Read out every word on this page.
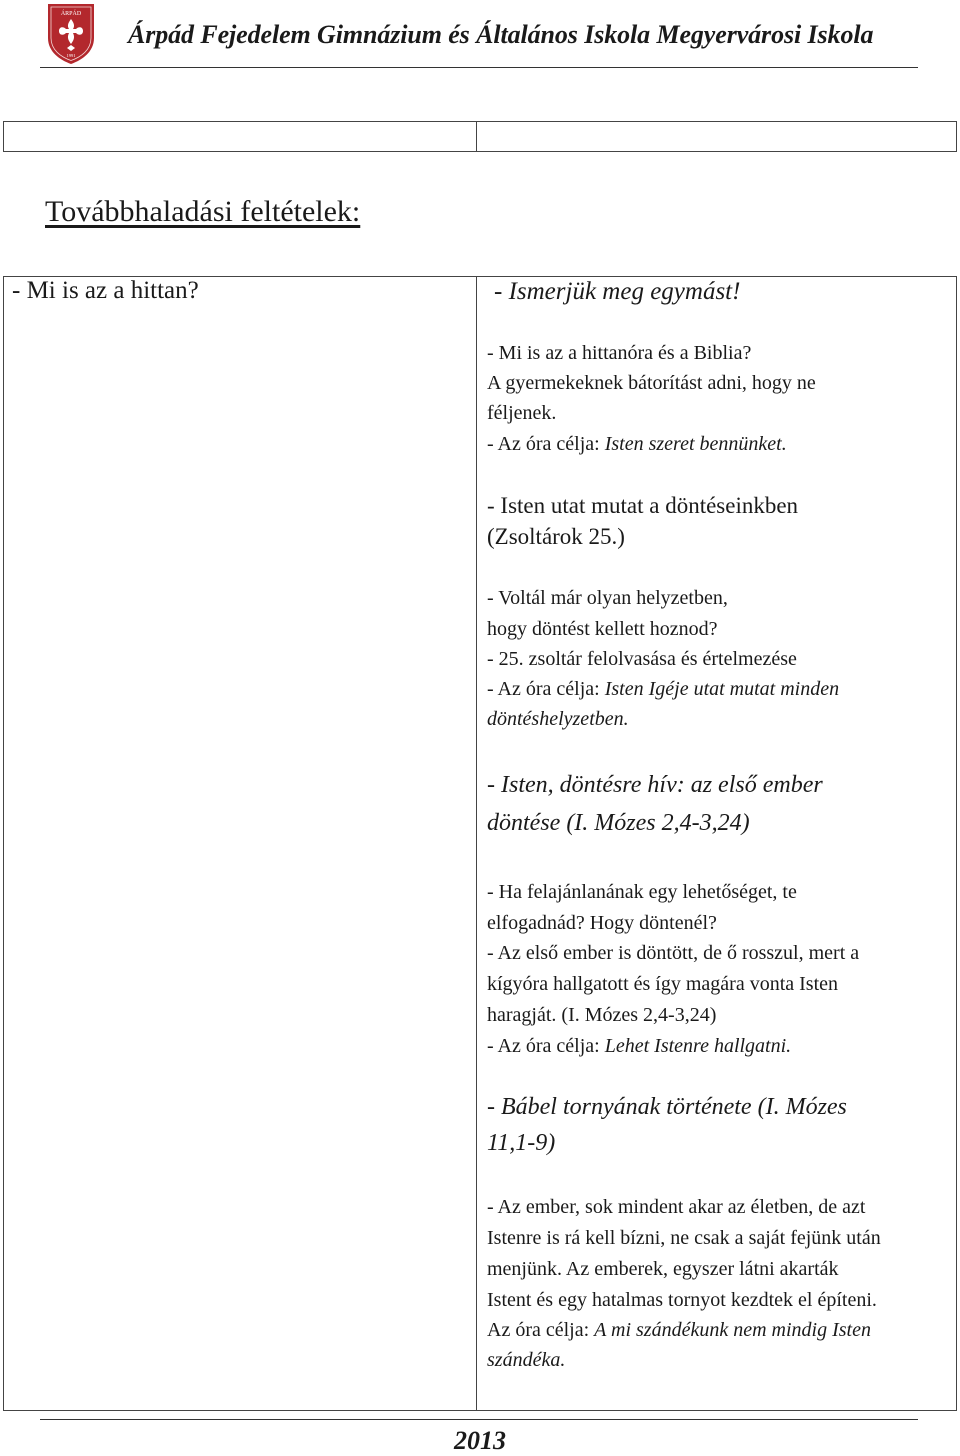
ÁRPÁD
1991
Árpád Fejedelem Gimnázium és Általános Iskola Megyervárosi Iskola
Továbbhaladási feltételek:
- Mi is az a hittan?	- Ismerjük meg egymást!
- Mi is az a hittanóra és a Biblia?
A gyermekeknek bátorítást adni, hogy ne
féljenek.
- Az óra célja: Isten szeret bennünket.
- Isten utat mutat a döntéseinkben
(Zsoltárok 25.)
- Voltál már olyan helyzetben,
hogy döntést kellett hoznod?
- 25. zsoltár felolvasása és értelmezése
- Az óra célja: Isten Igéje utat mutat minden
döntéshelyzetben.
- Isten, döntésre hív: az első ember
döntése (I. Mózes 2,4-3,24)
- Ha felajánlanának egy lehetőséget, te
elfogadnád? Hogy döntenél?
- Az első ember is döntött, de ő rosszul, mert a
kígyóra hallgatott és így magára vonta Isten
haragját. (I. Mózes 2,4-3,24)
- Az óra célja: Lehet Istenre hallgatni.
- Bábel tornyának története (I. Mózes
11,1-9)
- Az ember, sok mindent akar az életben, de azt
Istenre is rá kell bízni, ne csak a saját fejünk után
menjünk. Az emberek, egyszer látni akarták
Istent és egy hatalmas tornyot kezdtek el építeni.
Az óra célja: A mi szándékunk nem mindig Isten
szándéka.
2013
